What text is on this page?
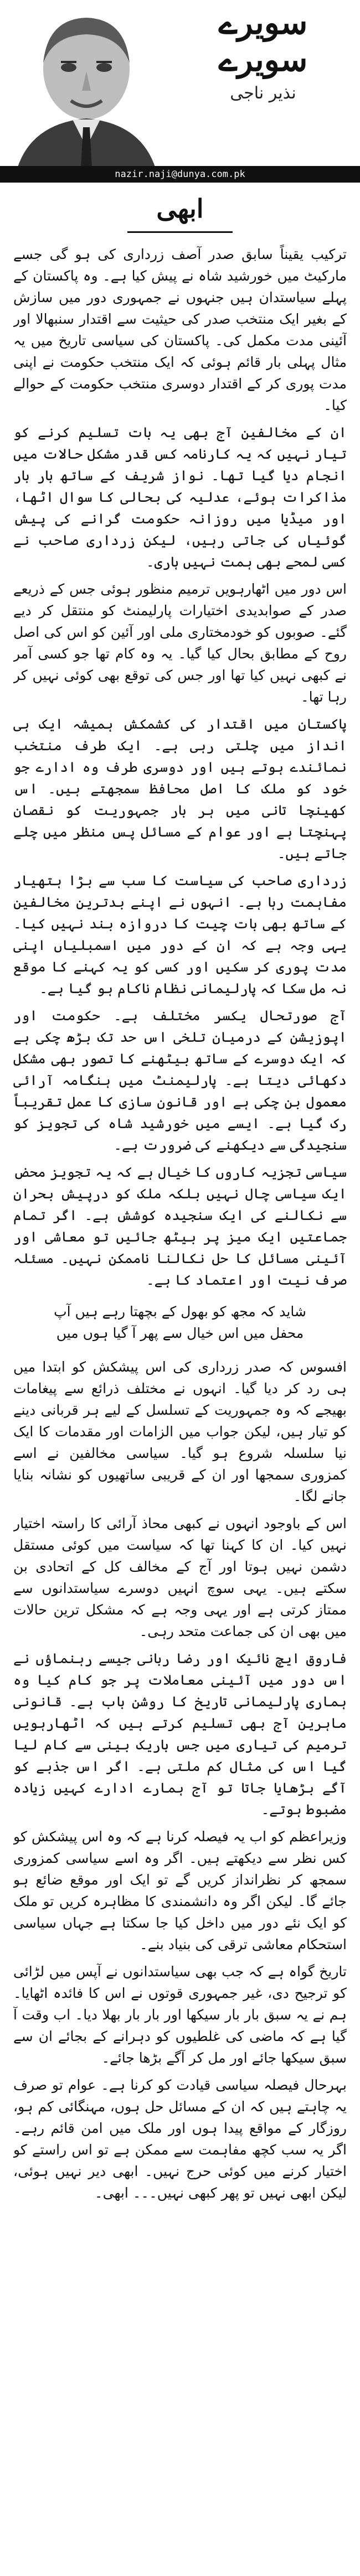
سویرے سویرے

نذیر ناجی

nazir.naji@dunya.com.pk
ابھی

ترکیب یقیناً سابق صدر آصف زرداری کی ہو گی جسے مارکیٹ میں خورشید شاہ نے پیش کیا ہے۔ وہ پاکستان کے پہلے سیاستدان ہیں جنہوں نے جمہوری دور میں سازش کے بغیر ایک منتخب صدر کی حیثیت سے اقتدار سنبھالا اور آئینی مدت مکمل کی۔ پاکستان کی سیاسی تاریخ میں یہ مثال پہلی بار قائم ہوئی کہ ایک منتخب حکومت نے اپنی مدت پوری کر کے اقتدار دوسری منتخب حکومت کے حوالے کیا۔

ان کے مخالفین آج بھی یہ بات تسلیم کرنے کو تیار نہیں کہ یہ کارنامہ کس قدر مشکل حالات میں انجام دیا گیا تھا۔ نواز شریف کے ساتھ بار بار مذاکرات ہوئے، عدلیہ کی بحالی کا سوال اٹھا، اور میڈیا میں روزانہ حکومت گرانے کی پیش گوئیاں کی جاتی رہیں، لیکن زرداری صاحب نے کسی لمحے بھی ہمت نہیں ہاری۔

اس دور میں اٹھارہویں ترمیم منظور ہوئی جس کے ذریعے صدر کے صوابدیدی اختیارات پارلیمنٹ کو منتقل کر دیے گئے۔ صوبوں کو خودمختاری ملی اور آئین کو اس کی اصل روح کے مطابق بحال کیا گیا۔ یہ وہ کام تھا جو کسی آمر نے کبھی نہیں کیا تھا اور جس کی توقع بھی کوئی نہیں کر رہا تھا۔

پاکستان میں اقتدار کی کشمکش ہمیشہ ایک ہی انداز میں چلتی رہی ہے۔ ایک طرف منتخب نمائندے ہوتے ہیں اور دوسری طرف وہ ادارے جو خود کو ملک کا اصل محافظ سمجھتے ہیں۔ اس کھینچا تانی میں ہر بار جمہوریت کو نقصان پہنچتا ہے اور عوام کے مسائل پس منظر میں چلے جاتے ہیں۔

زرداری صاحب کی سیاست کا سب سے بڑا ہتھیار مفاہمت رہا ہے۔ انہوں نے اپنے بدترین مخالفین کے ساتھ بھی بات چیت کا دروازہ بند نہیں کیا۔ یہی وجہ ہے کہ ان کے دور میں اسمبلیاں اپنی مدت پوری کر سکیں اور کسی کو یہ کہنے کا موقع نہ مل سکا کہ پارلیمانی نظام ناکام ہو گیا ہے۔

آج صورتحال یکسر مختلف ہے۔ حکومت اور اپوزیشن کے درمیان تلخی اس حد تک بڑھ چکی ہے کہ ایک دوسرے کے ساتھ بیٹھنے کا تصور بھی مشکل دکھائی دیتا ہے۔ پارلیمنٹ میں ہنگامہ آرائی معمول بن چکی ہے اور قانون سازی کا عمل تقریباً رک گیا ہے۔ ایسے میں خورشید شاہ کی تجویز کو سنجیدگی سے دیکھنے کی ضرورت ہے۔

سیاسی تجزیہ کاروں کا خیال ہے کہ یہ تجویز محض ایک سیاسی چال نہیں بلکہ ملک کو درپیش بحران سے نکالنے کی ایک سنجیدہ کوشش ہے۔ اگر تمام جماعتیں ایک میز پر بیٹھ جائیں تو معاشی اور آئینی مسائل کا حل نکالنا ناممکن نہیں۔ مسئلہ صرف نیت اور اعتماد کا ہے۔

شاید کہ مجھ کو بھول کے بچھتا رہے ہیں آپ
محفل میں اس خیال سے پھر آ گیا ہوں میں

افسوس کہ صدر زرداری کی اس پیشکش کو ابتدا میں ہی رد کر دیا گیا۔ انہوں نے مختلف ذرائع سے پیغامات بھیجے کہ وہ جمہوریت کے تسلسل کے لیے ہر قربانی دینے کو تیار ہیں، لیکن جواب میں الزامات اور مقدمات کا ایک نیا سلسلہ شروع ہو گیا۔ سیاسی مخالفین نے اسے کمزوری سمجھا اور ان کے قریبی ساتھیوں کو نشانہ بنایا جانے لگا۔

اس کے باوجود انہوں نے کبھی محاذ آرائی کا راستہ اختیار نہیں کیا۔ ان کا کہنا تھا کہ سیاست میں کوئی مستقل دشمن نہیں ہوتا اور آج کے مخالف کل کے اتحادی بن سکتے ہیں۔ یہی سوچ انہیں دوسرے سیاستدانوں سے ممتاز کرتی ہے اور یہی وجہ ہے کہ مشکل ترین حالات میں بھی ان کی جماعت متحد رہی۔

فاروق ایچ نائیک اور رضا ربانی جیسے رہنماؤں نے اس دور میں آئینی معاملات پر جو کام کیا وہ ہماری پارلیمانی تاریخ کا روشن باب ہے۔ قانونی ماہرین آج بھی تسلیم کرتے ہیں کہ اٹھارہویں ترمیم کی تیاری میں جس باریک بینی سے کام لیا گیا اس کی مثال کم ملتی ہے۔ اگر اس جذبے کو آگے بڑھایا جاتا تو آج ہمارے ادارے کہیں زیادہ مضبوط ہوتے۔

وزیراعظم کو اب یہ فیصلہ کرنا ہے کہ وہ اس پیشکش کو کس نظر سے دیکھتے ہیں۔ اگر وہ اسے سیاسی کمزوری سمجھ کر نظرانداز کریں گے تو ایک اور موقع ضائع ہو جائے گا۔ لیکن اگر وہ دانشمندی کا مظاہرہ کریں تو ملک کو ایک نئے دور میں داخل کیا جا سکتا ہے جہاں سیاسی استحکام معاشی ترقی کی بنیاد بنے۔

تاریخ گواہ ہے کہ جب بھی سیاستدانوں نے آپس میں لڑائی کو ترجیح دی، غیر جمہوری قوتوں نے اس کا فائدہ اٹھایا۔ ہم نے یہ سبق بار بار سیکھا اور بار بار بھلا دیا۔ اب وقت آ گیا ہے کہ ماضی کی غلطیوں کو دہرانے کے بجائے ان سے سبق سیکھا جائے اور مل کر آگے بڑھا جائے۔

بہرحال فیصلہ سیاسی قیادت کو کرنا ہے۔ عوام تو صرف یہ چاہتے ہیں کہ ان کے مسائل حل ہوں، مہنگائی کم ہو، روزگار کے مواقع پیدا ہوں اور ملک میں امن قائم رہے۔ اگر یہ سب کچھ مفاہمت سے ممکن ہے تو اس راستے کو اختیار کرنے میں کوئی حرج نہیں۔ ابھی دیر نہیں ہوئی، لیکن ابھی نہیں تو پھر کبھی نہیں۔۔۔ ابھی۔
